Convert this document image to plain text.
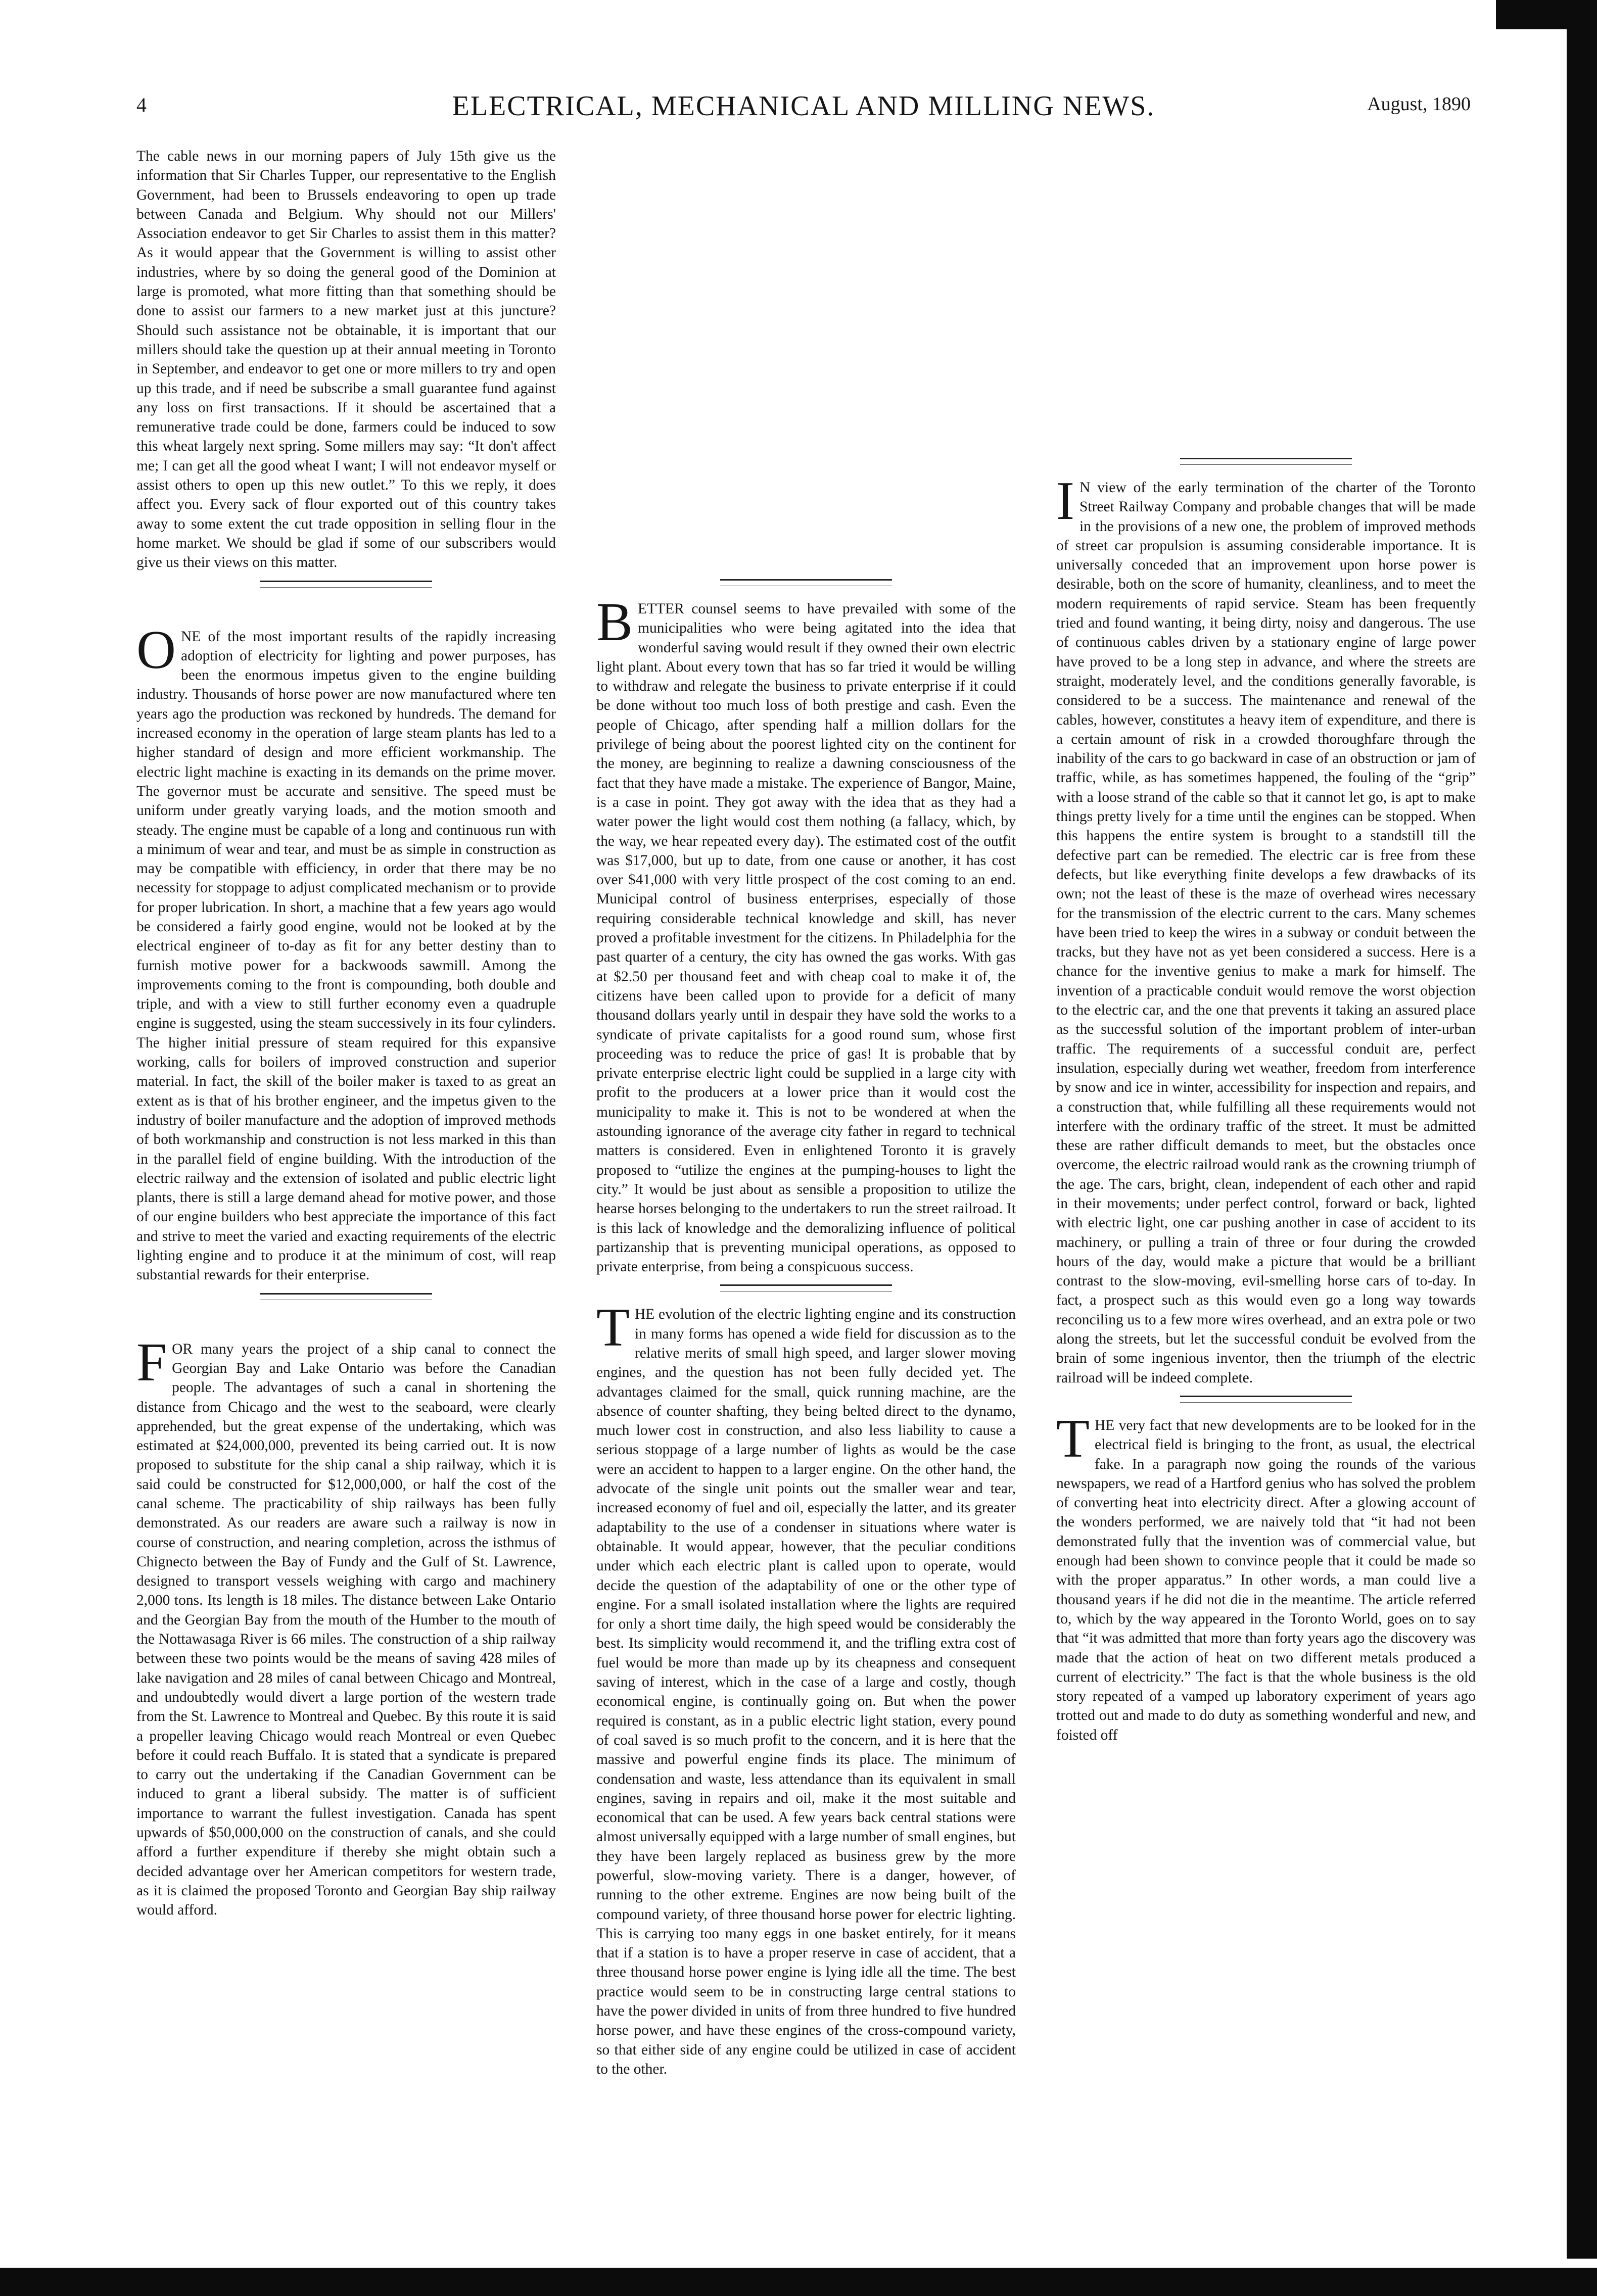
4	ELECTRICAL, MECHANICAL AND MILLING NEWS.	August, 1890

The cable news in our morning papers of July 15th give us the information that Sir Charles Tupper, our representative to the English Government, had been to Brussels endeavoring to open up trade between Canada and Belgium. Why should not our Millers' Association endeavor to get Sir Charles to assist them in this matter? As it would appear that the Government is willing to assist other industries, where by so doing the general good of the Dominion at large is promoted, what more fitting than that something should be done to assist our farmers to a new market just at this juncture? Should such assistance not be obtainable, it is important that our millers should take the question up at their annual meeting in Toronto in September, and endeavor to get one or more millers to try and open up this trade, and if need be subscribe a small guarantee fund against any loss on first transactions. If it should be ascertained that a remunerative trade could be done, farmers could be induced to sow this wheat largely next spring. Some millers may say: “It don't affect me; I can get all the good wheat I want; I will not endeavor myself or assist others to open up this new outlet.” To this we reply, it does affect you. Every sack of flour exported out of this country takes away to some extent the cut trade opposition in selling flour in the home market. We should be glad if some of our subscribers would give us their views on this matter.

ONE of the most important results of the rapidly increasing adoption of electricity for lighting and power purposes, has been the enormous impetus given to the engine building industry. Thousands of horse power are now manufactured where ten years ago the production was reckoned by hundreds. The demand for increased economy in the operation of large steam plants has led to a higher standard of design and more efficient workmanship. The electric light machine is exacting in its demands on the prime mover. The governor must be accurate and sensitive. The speed must be uniform under greatly varying loads, and the motion smooth and steady. The engine must be capable of a long and continuous run with a minimum of wear and tear, and must be as simple in construction as may be compatible with efficiency, in order that there may be no necessity for stoppage to adjust complicated mechanism or to provide for proper lubrication. In short, a machine that a few years ago would be considered a fairly good engine, would not be looked at by the electrical engineer of to-day as fit for any better destiny than to furnish motive power for a backwoods sawmill. Among the improvements coming to the front is compounding, both double and triple, and with a view to still further economy even a quadruple engine is suggested, using the steam successively in its four cylinders. The higher initial pressure of steam required for this expansive working, calls for boilers of improved construction and superior material. In fact, the skill of the boiler maker is taxed to as great an extent as is that of his brother engineer, and the impetus given to the industry of boiler manufacture and the adoption of improved methods of both workmanship and construction is not less marked in this than in the parallel field of engine building. With the introduction of the electric railway and the extension of isolated and public electric light plants, there is still a large demand ahead for motive power, and those of our engine builders who best appreciate the importance of this fact and strive to meet the varied and exacting requirements of the electric lighting engine and to produce it at the minimum of cost, will reap substantial rewards for their enterprise.

FOR many years the project of a ship canal to connect the Georgian Bay and Lake Ontario was before the Canadian people. The advantages of such a canal in shortening the distance from Chicago and the west to the seaboard, were clearly apprehended, but the great expense of the undertaking, which was estimated at $24,000,000, prevented its being carried out. It is now proposed to substitute for the ship canal a ship railway, which it is said could be constructed for $12,000,000, or half the cost of the canal scheme. The practicability of ship railways has been fully demonstrated. As our readers are aware such a railway is now in course of construction, and nearing completion, across the isthmus of Chignecto between the Bay of Fundy and the Gulf of St. Lawrence, designed to transport vessels weighing with cargo and machinery 2,000 tons. Its length is 18 miles. The distance between Lake Ontario and the Georgian Bay from the mouth of the Humber to the mouth of the Nottawasaga River is 66 miles. The construction of a ship railway between these two points would be the means of saving 428 miles of lake navigation and 28 miles of canal between Chicago and Montreal, and undoubtedly would divert a large portion of the western trade from the St. Lawrence to Montreal and Quebec. By this route it is said a propeller leaving Chicago would reach Montreal or even Quebec before it could reach Buffalo. It is stated that a syndicate is prepared to carry out the undertaking if the Canadian Government can be induced to grant a liberal subsidy. The matter is of sufficient importance to warrant the fullest investigation. Canada has spent upwards of $50,000,000 on the construction of canals, and she could afford a further expenditure if thereby she might obtain such a decided advantage over her American competitors for western trade, as it is claimed the proposed Toronto and Georgian Bay ship railway would afford.

BETTER counsel seems to have prevailed with some of the municipalities who were being agitated into the idea that wonderful saving would result if they owned their own electric light plant. About every town that has so far tried it would be willing to withdraw and relegate the business to private enterprise if it could be done without too much loss of both prestige and cash. Even the people of Chicago, after spending half a million dollars for the privilege of being about the poorest lighted city on the continent for the money, are beginning to realize a dawning consciousness of the fact that they have made a mistake. The experience of Bangor, Maine, is a case in point. They got away with the idea that as they had a water power the light would cost them nothing (a fallacy, which, by the way, we hear repeated every day). The estimated cost of the outfit was $17,000, but up to date, from one cause or another, it has cost over $41,000 with very little prospect of the cost coming to an end. Municipal control of business enterprises, especially of those requiring considerable technical knowledge and skill, has never proved a profitable investment for the citizens. In Philadelphia for the past quarter of a century, the city has owned the gas works. With gas at $2.50 per thousand feet and with cheap coal to make it of, the citizens have been called upon to provide for a deficit of many thousand dollars yearly until in despair they have sold the works to a syndicate of private capitalists for a good round sum, whose first proceeding was to reduce the price of gas! It is probable that by private enterprise electric light could be supplied in a large city with profit to the producers at a lower price than it would cost the municipality to make it. This is not to be wondered at when the astounding ignorance of the average city father in regard to technical matters is considered. Even in enlightened Toronto it is gravely proposed to “utilize the engines at the pumping-houses to light the city.” It would be just about as sensible a proposition to utilize the hearse horses belonging to the undertakers to run the street railroad. It is this lack of knowledge and the demoralizing influence of political partizanship that is preventing municipal operations, as opposed to private enterprise, from being a conspicuous success.

THE evolution of the electric lighting engine and its construction in many forms has opened a wide field for discussion as to the relative merits of small high speed, and larger slower moving engines, and the question has not been fully decided yet. The advantages claimed for the small, quick running machine, are the absence of counter shafting, they being belted direct to the dynamo, much lower cost in construction, and also less liability to cause a serious stoppage of a large number of lights as would be the case were an accident to happen to a larger engine. On the other hand, the advocate of the single unit points out the smaller wear and tear, increased economy of fuel and oil, especially the latter, and its greater adaptability to the use of a condenser in situations where water is obtainable. It would appear, however, that the peculiar conditions under which each electric plant is called upon to operate, would decide the question of the adaptability of one or the other type of engine. For a small isolated installation where the lights are required for only a short time daily, the high speed would be considerably the best. Its simplicity would recommend it, and the trifling extra cost of fuel would be more than made up by its cheapness and consequent saving of interest, which in the case of a large and costly, though economical engine, is continually going on. But when the power required is constant, as in a public electric light station, every pound of coal saved is so much profit to the concern, and it is here that the massive and powerful engine finds its place. The minimum of condensation and waste, less attendance than its equivalent in small engines, saving in repairs and oil, make it the most suitable and economical that can be used. A few years back central stations were almost universally equipped with a large number of small engines, but they have been largely replaced as business grew by the more powerful, slow-moving variety. There is a danger, however, of running to the other extreme. Engines are now being built of the compound variety, of three thousand horse power for electric lighting. This is carrying too many eggs in one basket entirely, for it means that if a station is to have a proper reserve in case of accident, that a three thousand horse power engine is lying idle all the time. The best practice would seem to be in constructing large central stations to have the power divided in units of from three hundred to five hundred horse power, and have these engines of the cross-compound variety, so that either side of any engine could be utilized in case of accident to the other.

I N view of the early termination of the charter of the Toronto Street Railway Company and probable changes that will be made in the provisions of a new one, the problem of improved methods of street car propulsion is assuming considerable importance. It is universally conceded that an improvement upon horse power is desirable, both on the score of humanity, cleanliness, and to meet the modern requirements of rapid service. Steam has been frequently tried and found wanting, it being dirty, noisy and dangerous. The use of continuous cables driven by a stationary engine of large power have proved to be a long step in advance, and where the streets are straight, moderately level, and the conditions generally favorable, is considered to be a success. The maintenance and renewal of the cables, however, constitutes a heavy item of expenditure, and there is a certain amount of risk in a crowded thoroughfare through the inability of the cars to go backward in case of an obstruction or jam of traffic, while, as has sometimes happened, the fouling of the “grip” with a loose strand of the cable so that it cannot let go, is apt to make things pretty lively for a time until the engines can be stopped. When this happens the entire system is brought to a standstill till the defective part can be remedied. The electric car is free from these defects, but like everything finite develops a few drawbacks of its own; not the least of these is the maze of overhead wires necessary for the transmission of the electric current to the cars. Many schemes have been tried to keep the wires in a subway or conduit between the tracks, but they have not as yet been considered a success. Here is a chance for the inventive genius to make a mark for himself. The invention of a practicable conduit would remove the worst objection to the electric car, and the one that prevents it taking an assured place as the successful solution of the important problem of inter-urban traffic. The requirements of a successful conduit are, perfect insulation, especially during wet weather, freedom from interference by snow and ice in winter, accessibility for inspection and repairs, and a construction that, while fulfilling all these requirements would not interfere with the ordinary traffic of the street. It must be admitted these are rather difficult demands to meet, but the obstacles once overcome, the electric railroad would rank as the crowning triumph of the age. The cars, bright, clean, independent of each other and rapid in their movements; under perfect control, forward or back, lighted with electric light, one car pushing another in case of accident to its machinery, or pulling a train of three or four during the crowded hours of the day, would make a picture that would be a brilliant contrast to the slow-moving, evil-smelling horse cars of to-day. In fact, a prospect such as this would even go a long way towards reconciling us to a few more wires overhead, and an extra pole or two along the streets, but let the successful conduit be evolved from the brain of some ingenious inventor, then the triumph of the electric railroad will be indeed complete.

THE very fact that new developments are to be looked for in the electrical field is bringing to the front, as usual, the electrical fake. In a paragraph now going the rounds of the various newspapers, we read of a Hartford genius who has solved the problem of converting heat into electricity direct. After a glowing account of the wonders performed, we are naively told that “it had not been demonstrated fully that the invention was of commercial value, but enough had been shown to convince people that it could be made so with the proper apparatus.” In other words, a man could live a thousand years if he did not die in the meantime. The article referred to, which by the way appeared in the Toronto World, goes on to say that “it was admitted that more than forty years ago the discovery was made that the action of heat on two different metals produced a current of electricity.” The fact is that the whole business is the old story repeated of a vamped up laboratory experiment of years ago trotted out and made to do duty as something wonderful and new, and foisted off
